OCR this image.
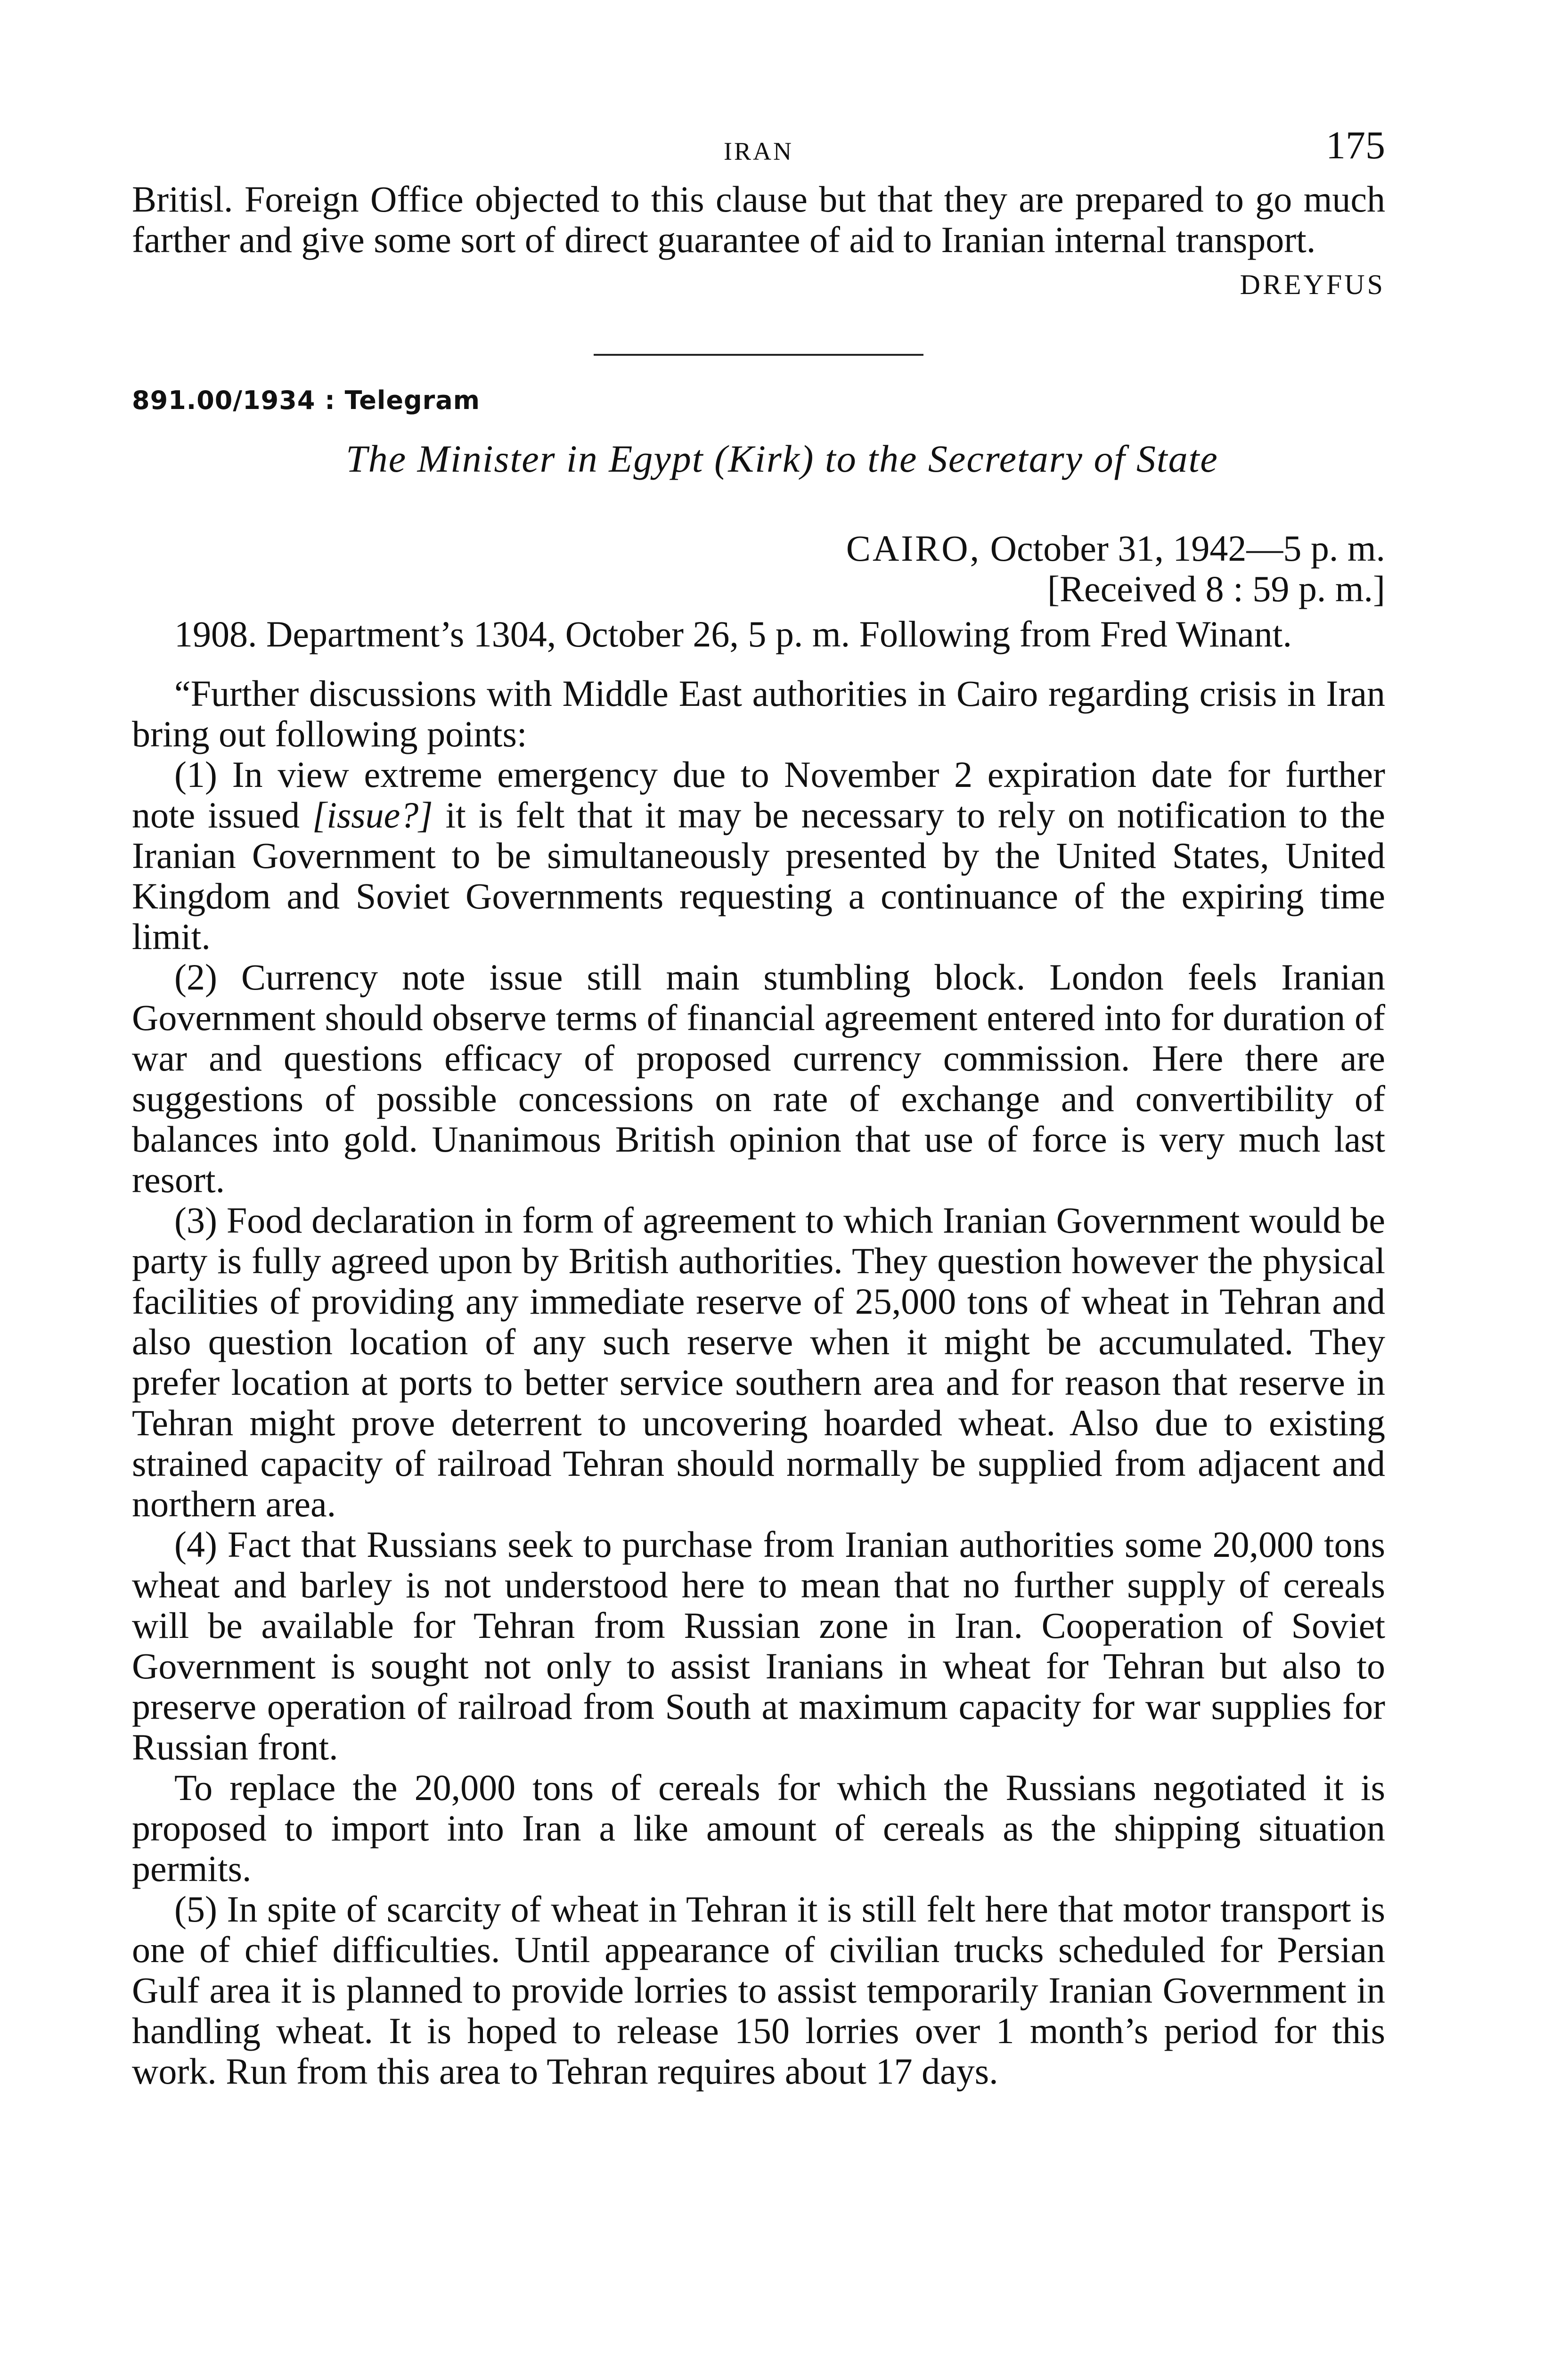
IRAN	175

Britisl. Foreign Office objected to this clause but that they are prepared to go much farther and give some sort of direct guarantee of aid to Iranian internal transport.

DREYFUS
891.00/1934 : Telegram
The Minister in Egypt (Kirk) to the Secretary of State
CAIRO, October 31, 1942—5 p. m.
[Received 8 : 59 p. m.]

1908. Department’s 1304, October 26, 5 p. m. Following from Fred Winant.

“Further discussions with Middle East authorities in Cairo regarding crisis in Iran bring out following points:

(1) In view extreme emergency due to November 2 expiration date for further note issued [issue?] it is felt that it may be necessary to rely on notification to the Iranian Government to be simultaneously presented by the United States, United Kingdom and Soviet Governments requesting a continuance of the expiring time limit.

(2) Currency note issue still main stumbling block. London feels Iranian Government should observe terms of financial agreement entered into for duration of war and questions efficacy of proposed currency commission. Here there are suggestions of possible concessions on rate of exchange and convertibility of balances into gold. Unanimous British opinion that use of force is very much last resort.

(3) Food declaration in form of agreement to which Iranian Government would be party is fully agreed upon by British authorities. They question however the physical facilities of providing any immediate reserve of 25,000 tons of wheat in Tehran and also question location of any such reserve when it might be accumulated. They prefer location at ports to better service southern area and for reason that reserve in Tehran might prove deterrent to uncovering hoarded wheat. Also due to existing strained capacity of railroad Tehran should normally be supplied from adjacent and northern area.

(4) Fact that Russians seek to purchase from Iranian authorities some 20,000 tons wheat and barley is not understood here to mean that no further supply of cereals will be available for Tehran from Russian zone in Iran. Cooperation of Soviet Government is sought not only to assist Iranians in wheat for Tehran but also to preserve operation of railroad from South at maximum capacity for war supplies for Russian front.

To replace the 20,000 tons of cereals for which the Russians negotiated it is proposed to import into Iran a like amount of cereals as the shipping situation permits.

(5) In spite of scarcity of wheat in Tehran it is still felt here that motor transport is one of chief difficulties. Until appearance of civilian trucks scheduled for Persian Gulf area it is planned to provide lorries to assist temporarily Iranian Government in handling wheat. It is hoped to release 150 lorries over 1 month’s period for this work. Run from this area to Tehran requires about 17 days.
